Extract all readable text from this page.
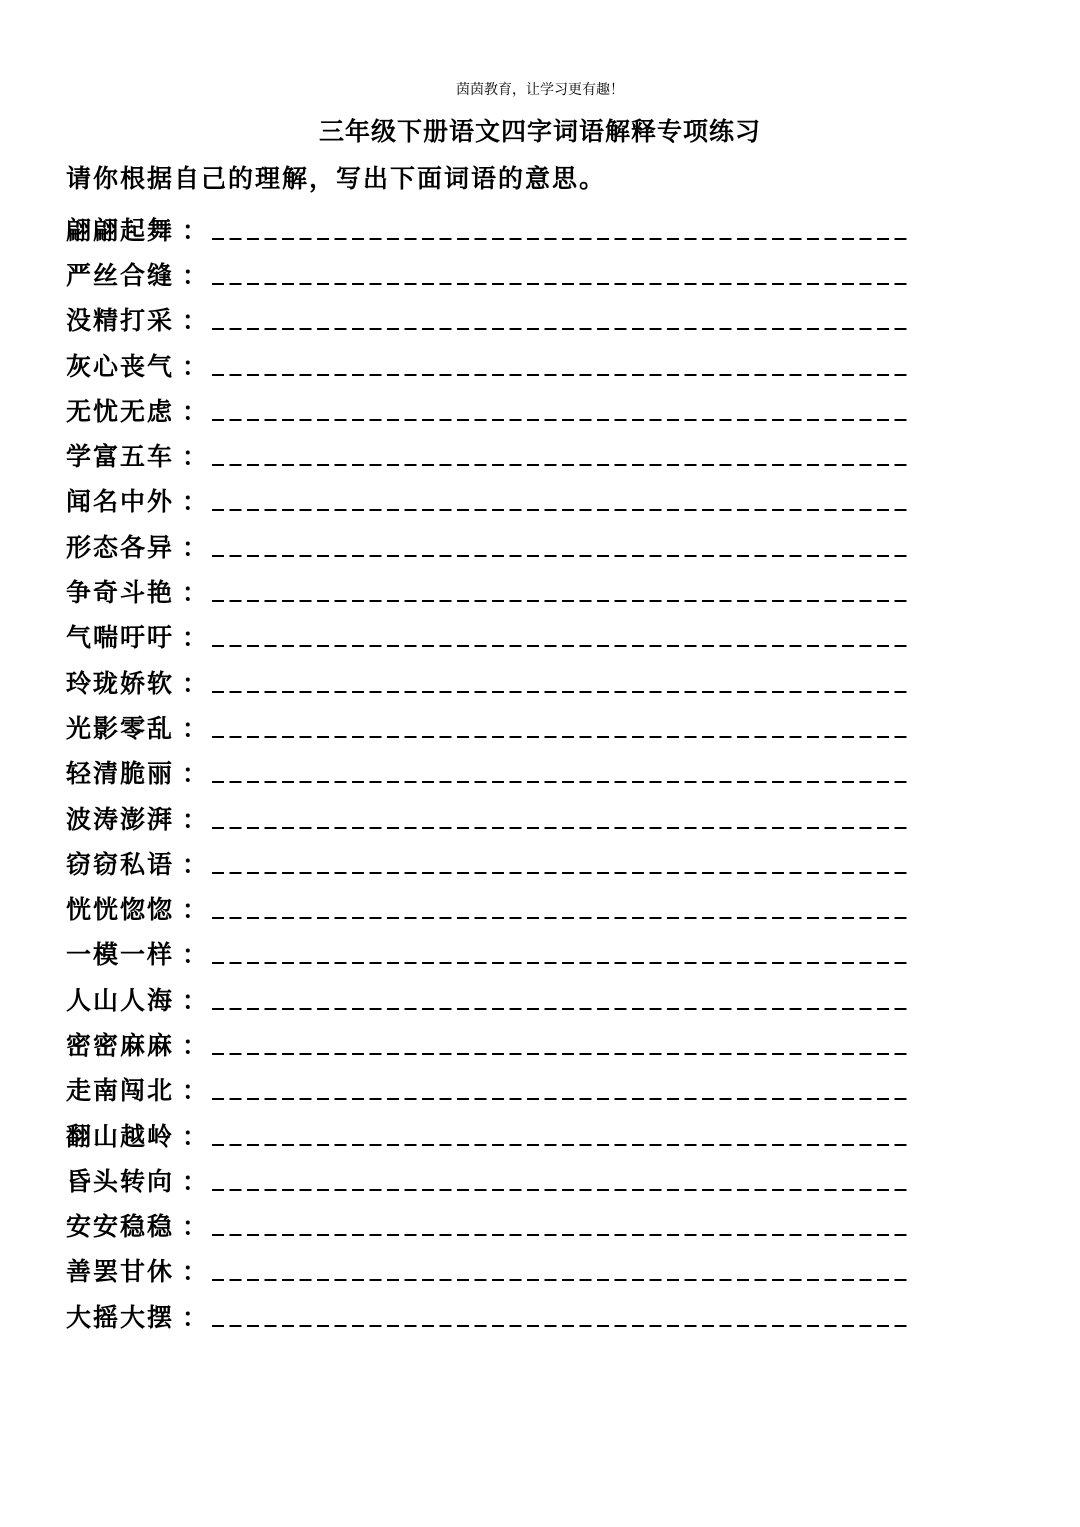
茵茵教育，让学习更有趣！
三年级下册语文四字词语解释专项练习
请你根据自己的理解，写出下面词语的意思。
翩翩起舞 ：
严丝合缝 ：
没精打采 ：
灰心丧气 ：
无忧无虑 ：
学富五车 ：
闻名中外 ：
形态各异 ：
争奇斗艳 ：
气喘吁吁 ：
玲珑娇软 ：
光影零乱 ：
轻清脆丽 ：
波涛澎湃 ：
窃窃私语 ：
恍恍惚惚 ：
一模一样 ：
人山人海 ：
密密麻麻 ：
走南闯北 ：
翻山越岭 ：
昏头转向 ：
安安稳稳 ：
善罢甘休 ：
大摇大摆 ：
